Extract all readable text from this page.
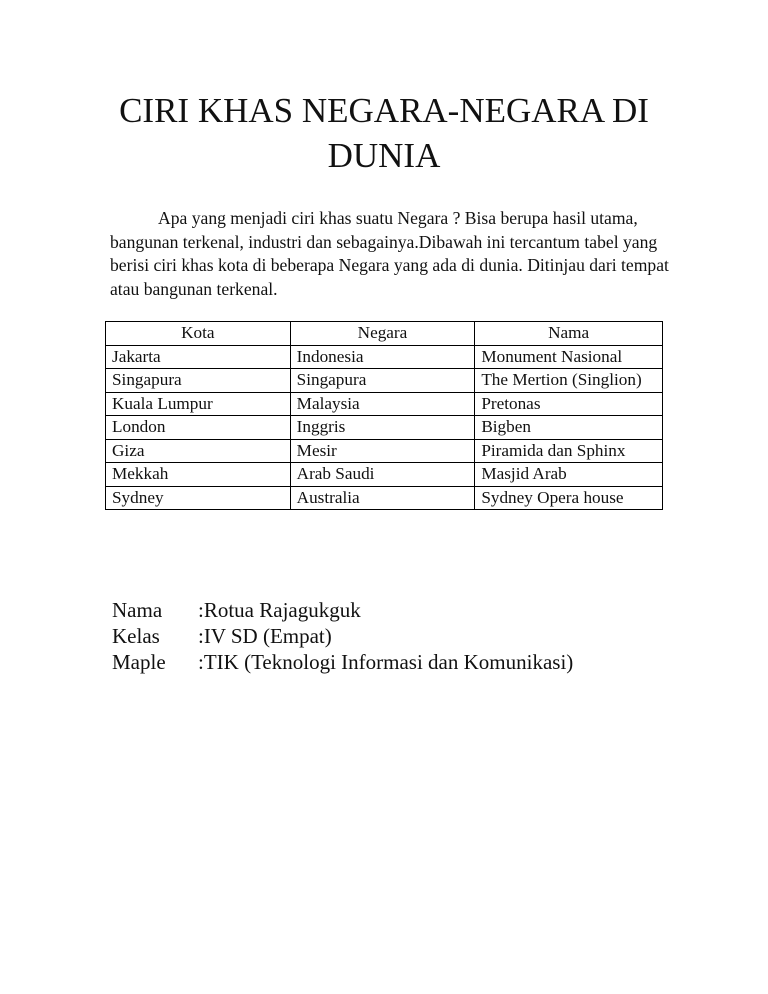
CIRI KHAS NEGARA-NEGARA DI DUNIA

Apa yang menjadi ciri khas suatu Negara ? Bisa berupa hasil utama, bangunan terkenal, industri dan sebagainya.Dibawah ini tercantum tabel yang berisi ciri khas kota di beberapa Negara yang ada di dunia. Ditinjau dari tempat atau bangunan terkenal.

Kota	Negara	Nama
Jakarta	Indonesia	Monument Nasional
Singapura	Singapura	The Mertion (Singlion)
Kuala Lumpur	Malaysia	Pretonas
London	Inggris	Bigben
Giza	Mesir	Piramida dan Sphinx
Mekkah	Arab Saudi	Masjid Arab
Sydney	Australia	Sydney Opera house
Nama	:Rotua Rajagukguk
Kelas	:IV SD (Empat)
Maple	:TIK (Teknologi Informasi dan Komunikasi)
